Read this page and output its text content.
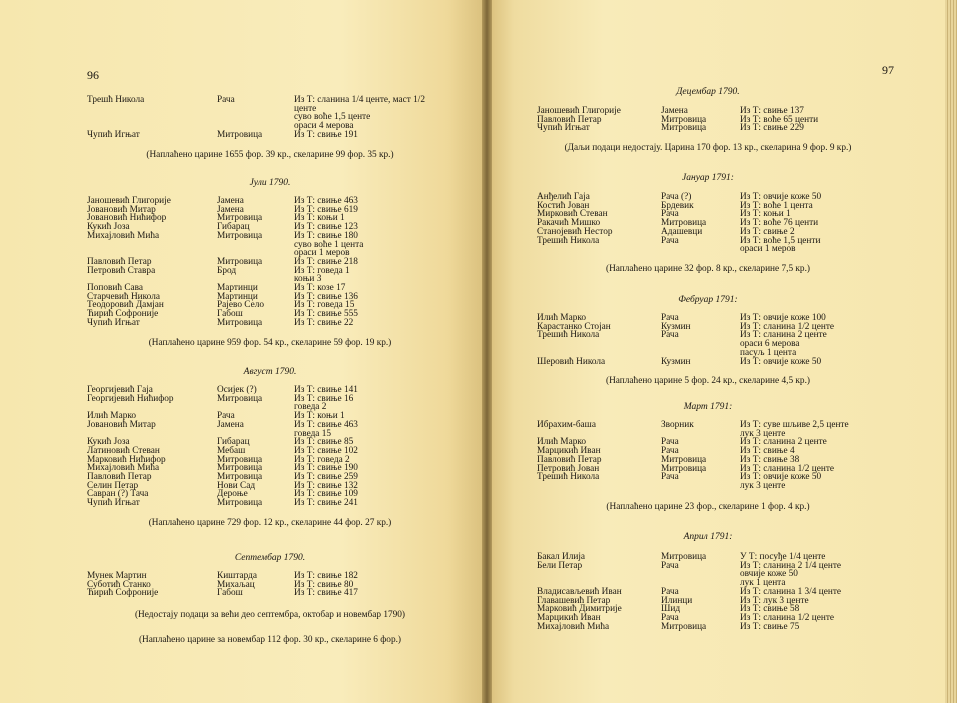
96
Трешћ Никола	Рача	Из Т: сланина 1/4 центе, маст 1/2
центе
суво воће 1,5 центе
ораси 4 мерова
Чупић Игњат	Митровица	Из Т: свиње 191
(Наплаћено царине 1655 фор. 39 кр., скеларине 99 фор. 35 кр.)
Јули 1790.
Јаношевић Глигорије	Јамена	Из Т: свиње 463
Јовановић Митар	Јамена	Из Т: свиње 619
Јовановић Нићифор	Митровица	Из Т: коњи 1
Кукић Јоза	Гибарац	Из Т: свиње 123
Михајловић Мића	Митровица	Из Т: свиње 180
суво воће 1 цента
ораси 1 меров
Павловић Петар	Митровица	Из Т: свиње 218
Петровић Ставра	Брод	Из Т: говеда 1
коњи 3
Поповић Сава	Мартинци	Из Т: козе 17
Старчевић Никола	Мартинци	Из Т: свиње 136
Теодоровић Дамјан	Рајево Село	Из Т: говеда 15
Ћирић Софроније	Габош	Из Т: свиње 555
Чупић Игњат	Митровица	Из Т: свиње 22
(Наплаћено царине 959 фор. 54 кр., скеларине 59 фор. 19 кр.)
Август 1790.
Георгијевић Гаја	Осијек (?)	Из Т: свиње 141
Георгијевић Нићифор	Митровица	Из Т: свиње 16
говеда 2
Илић Марко	Рача	Из Т: коњи 1
Јовановић Митар	Јамена	Из Т: свиње 463
говеда 15
Кукић Јоза	Гибарац	Из Т: свиње 85
Латиновић Стеван	Мебаш	Из Т: свиње 102
Марковић Нићифор	Митровица	Из Т: говеда 2
Михајловић Мића	Митровица	Из Т: свиње 190
Павловић Петар	Митровица	Из Т: свиње 259
Селин Петар	Нови Сад	Из Т: свиње 132
Савран (?) Тача	Дероње	Из Т: свиње 109
Чупић Игњат	Митровица	Из Т: свиње 241
(Наплаћено царине 729 фор. 12 кр., скеларине 44 фор. 27 кр.)
Септембар 1790.
Мунек Мартин	Киштарда	Из Т: свиње 182
Суботић Станко	Михаљац	Из Т: свиње 80
Ћирић Софроније	Габош	Из Т: свиње 417
(Недостају подаци за већи део септембра, октобар и новембар 1790)
(Наплаћено царине за новембар 112 фор. 30 кр., скеларине 6 фор.)
97
Децембар 1790.
Јаношевић Глигорије	Јамена	Из Т: свиње 137
Павловић Петар	Митровица	Из Т: воће 65 центи
Чупић Игњат	Митровица	Из Т: свиње 229
(Даљи подаци недостају. Царина 170 фор. 13 кр., скеларина 9 фор. 9 кр.)
Јануар 1791:
Анђелић Гаја	Рача (?)	Из Т: овчије коже 50
Костић Јован	Брдевик	Из Т: воће 1 цента
Мирковић Стеван	Рача	Из Т: коњи 1
Ракачић Мишко	Митровица	Из Т: воће 76 центи
Станојевић Нестор	Адашевци	Из Т: свиње 2
Трешић Никола	Рача	Из Т: воће 1,5 центи
ораси 1 меров
(Наплаћено царине 32 фор. 8 кр., скеларине 7,5 кр.)
Фебруар 1791:
Илић Марко	Рача	Из Т: овчије коже 100
Карастанко Стојан	Кузмин	Из Т: сланина 1/2 центе
Трешић Никола	Рача	Из Т: сланина 2 центе
ораси 6 мерова
пасуљ 1 цента
Шеровић Никола	Кузмин	Из Т: овчије коже 50
(Наплаћено царине 5 фор. 24 кр., скеларине 4,5 кр.)
Март 1791:
Ибрахим-баша	Зворник	Из Т: суве шљиве 2,5 центе
лук 3 центе
Илић Марко	Рача	Из Т: сланина 2 центе
Марцикић Иван	Рача	Из Т: свиње 4
Павловић Петар	Митровица	Из Т: свиње 38
Петровић Јован	Митровица	Из Т: сланина 1/2 центе
Трешић Никола	Рача	Из Т: овчије коже 50
лук 3 центе
(Наплаћено царине 23 фор., скеларине 1 фор. 4 кр.)
Април 1791:
Бакал Илија	Митровица	У Т: посуђе 1/4 центе
Бели Петар	Рача	Из Т: сланина 2 1/4 центе
овчије коже 50
лук 1 цента
Владисављевић Иван	Рача	Из Т: сланина 1 3/4 центе
Главашевић Петар	Илинци	Из Т: лук 3 центе
Марковић Димитрије	Шид	Из Т: свиње 58
Марцикић Иван	Рача	Из Т: сланина 1/2 центе
Михајловић Мића	Митровица	Из Т: свиње 75
